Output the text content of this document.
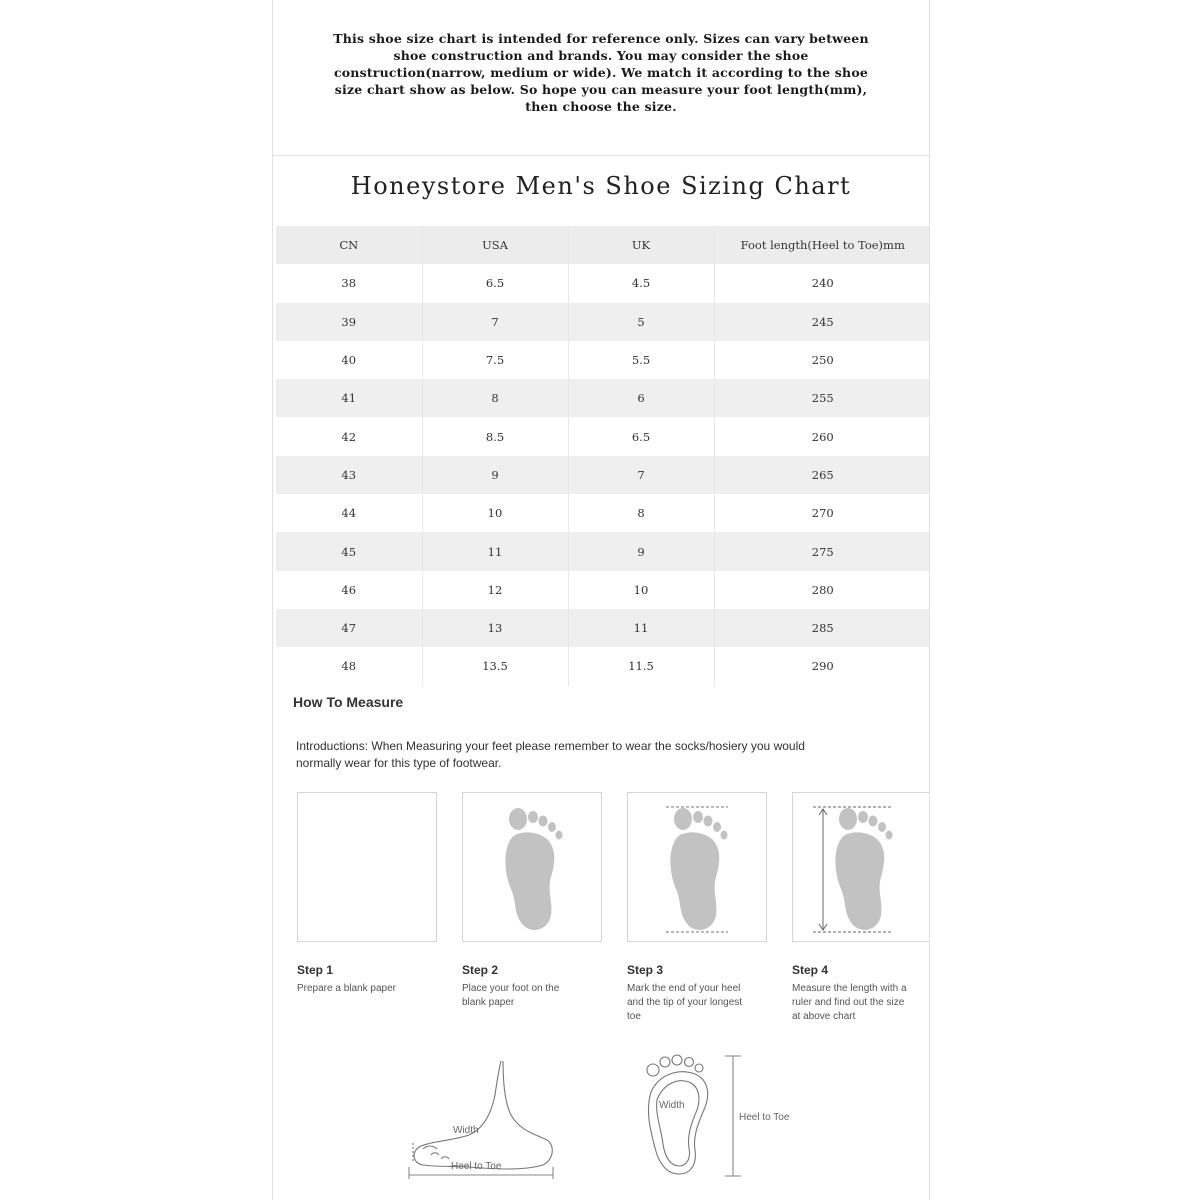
This shoe size chart is intended for reference only. Sizes can vary between
shoe construction and brands. You may consider the shoe
construction(narrow, medium or wide). We match it according to the shoe
size chart show as below. So hope you can measure your foot length(mm),
then choose the size.
Honeystore Men's Shoe Sizing Chart
CN	USA	UK	Foot length(Heel to Toe)mm
38	6.5	4.5	240
39	7	5	245
40	7.5	5.5	250
41	8	6	255
42	8.5	6.5	260
43	9	7	265
44	10	8	270
45	11	9	275
46	12	10	280
47	13	11	285
48	13.5	11.5	290
How To Measure
Introductions: When Measuring your feet please remember to wear the socks/hosiery you would
normally wear for this type of footwear.
Step 1	Step 2	Step 3	Step 4
Prepare a blank paper	Place your foot on the
blank paper
Mark the end of your heel
and the tip of your longest
toe
Measure the length with a
ruler and find out the size
at above chart
Width
Heel to Toe
Width
Heel to Toe
